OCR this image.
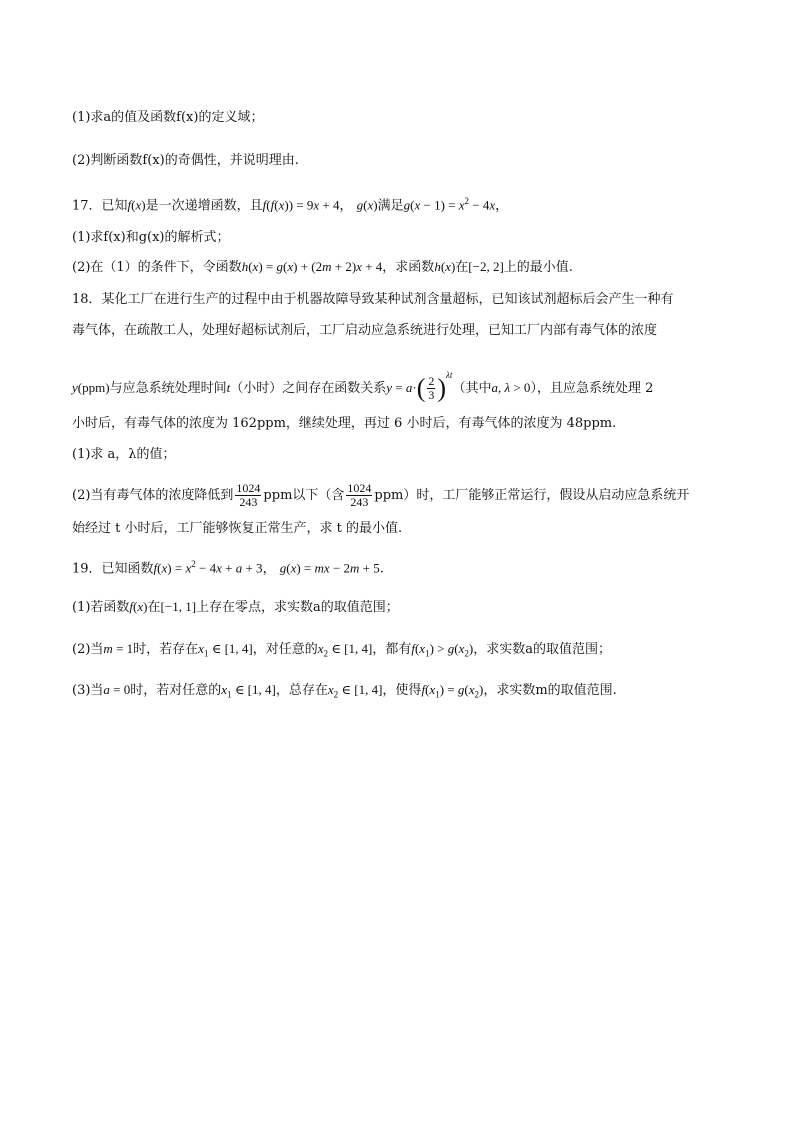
(1)求a的值及函数f(x)的定义域；
(2)判断函数f(x)的奇偶性，并说明理由.
17．已知f(x)是一次递增函数，且f(f(x)) = 9x + 4， g(x)满足$g(x - 1) = x^2 - 4x$，
(1)求f(x)和g(x)的解析式；
(2)在（1）的条件下，令函数h(x) = g(x) + (2m + 2)x + 4，求函数h(x)在[−2, 2]上的最小值.
18．某化工厂在进行生产的过程中由于机器故障导致某种试剂含量超标，已知该试剂超标后会产生一种有
毒气体，在疏散工人，处理好超标试剂后，工厂启动应急系统进行处理，已知工厂内部有毒气体的浓度
y(ppm)与应急系统处理时间t（小时）之间存在函数关系$y = a\cdot( \frac{2}{3} )^{\lambda t}$（其中a, λ > 0），且应急系统处理 2
小时后，有毒气体的浓度为 162ppm，继续处理，再过 6 小时后，有毒气体的浓度为 48ppm.
(1)求 a，λ的值；
(2)当有毒气体的浓度降低到 $\frac{1024}{243}$ ppm以下（含 $\frac{1024}{243} ppm$）时，工厂能够正常运行，假设从启动应急系统开
始经过 t 小时后，工厂能够恢复正常生产，求 t 的最小值.
19．已知函数$f(x) = x^2 - 4x + a + 3$， g(x) = mx − 2m + 5.
(1)若函数f(x)在[−1, 1]上存在零点，求实数a的取值范围；
(2)当m = 1时，若存在$x_1$ ∈ [1, 4]，对任意的$x_2$ ∈ [1, 4]，都有$f(x_1) > g(x_2)$，求实数a的取值范围；
(3)当a = 0时，若对任意的$x_1$ ∈ [1, 4]，总存在$x_2$ ∈ [1, 4]，使得$f(x_1) = g(x_2)$，求实数m的取值范围.
